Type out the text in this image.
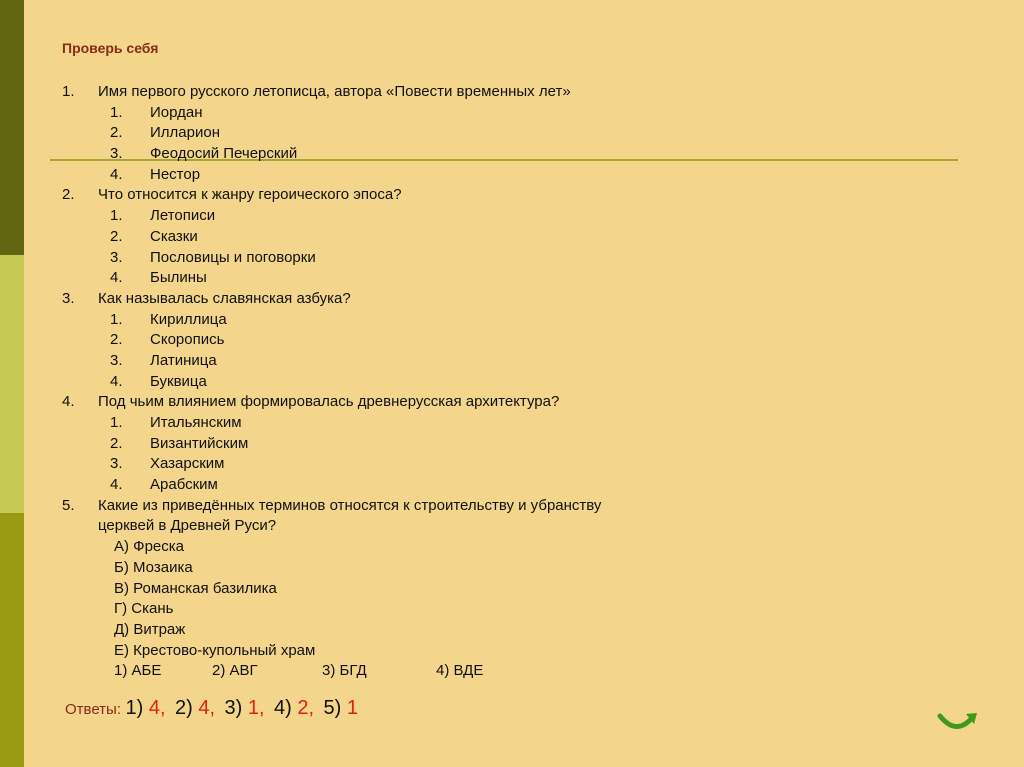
Проверь себя
1. Имя первого русского летописца, автора «Повести временных лет»
1. Иордан
2. Илларион
3. Феодосий Печерский
4. Нестор
2. Что относится к жанру героического эпоса?
1. Летописи
2. Сказки
3. Пословицы и поговорки
4. Былины
3. Как называлась славянская азбука?
1. Кириллица
2. Скоропись
3. Латиница
4. Буквица
4. Под чьим влиянием формировалась древнерусская архитектура?
1. Итальянским
2. Византийским
3. Хазарским
4. Арабским
5. Какие из приведённых терминов относятся к строительству и убранству
церквей в Древней Руси?
А) Фреска
Б) Мозаика
В) Романская базилика
Г) Скань
Д) Витраж
Е) Крестово-купольный храм
1) АБЕ	2) АВГ	3) БГД	4) ВДЕ
Ответы: 1) 4, 2) 4, 3) 1, 4) 2, 5) 1
